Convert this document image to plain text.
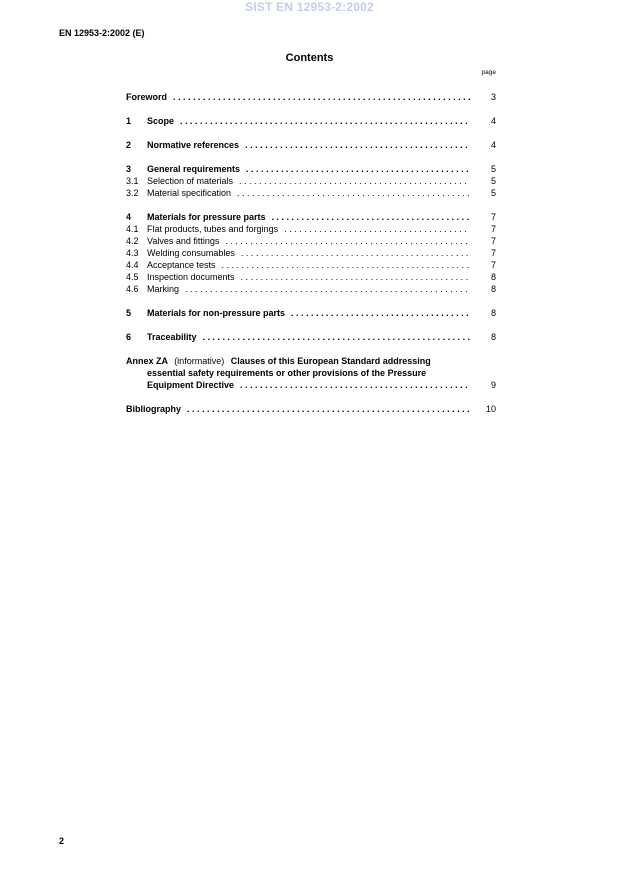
SIST EN 12953-2:2002
EN 12953-2:2002 (E)
Contents
page
Foreword . . .	3
1	Scope . . .	4
2	Normative references . . .	4
3	General requirements . . .	5
3.1 Selection of materials . . .	5
3.2 Material specification . . .	5
4	Materials for pressure parts . . .	7
4.1 Flat products, tubes and forgings . . .	7
4.2 Valves and fittings . . .	7
4.3 Welding consumables . . .	7
4.4 Acceptance tests . . .	7
4.5 Inspection documents . . .	8
4.6 Marking . . .	8
5	Materials for non-pressure parts . . .	8
6	Traceability . . .	8
Annex ZA (informative) Clauses of this European Standard addressing
essential safety requirements or other provisions of the Pressure
Equipment Directive . . .	9
Bibliography . . .	10
2
